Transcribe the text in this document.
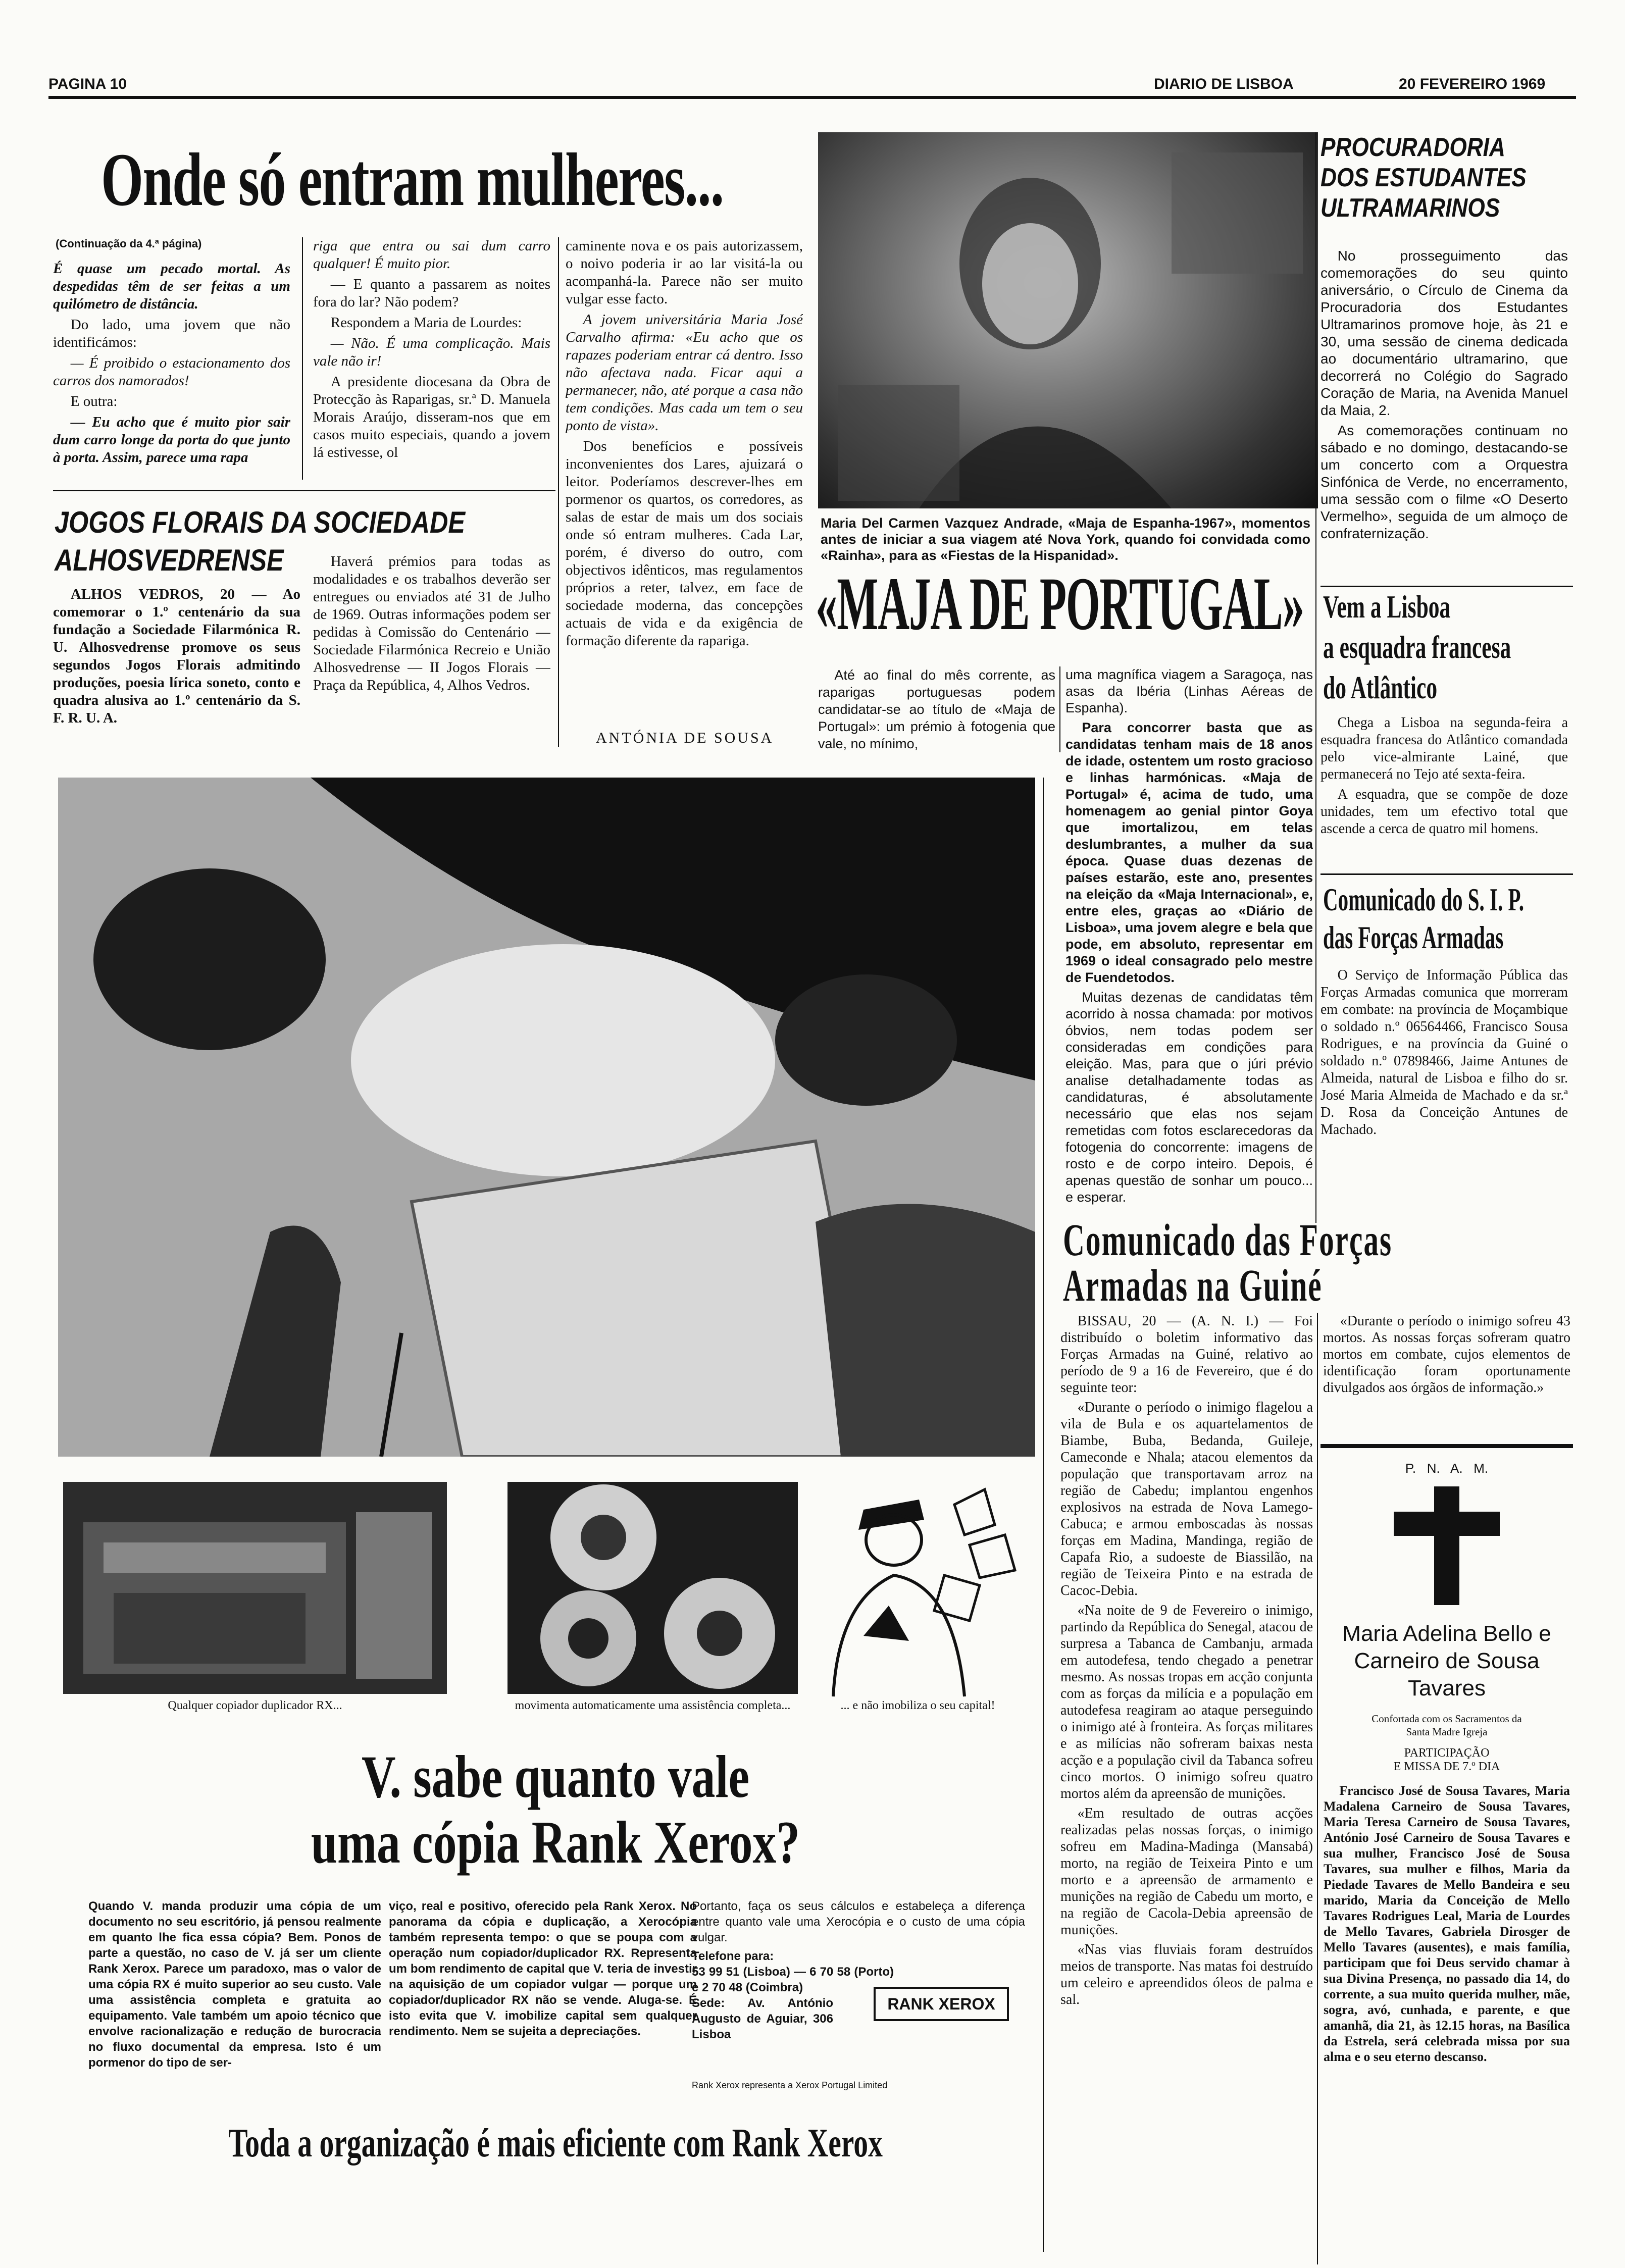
PAGINA 10	DIARIO DE LISBOA	20 FEVEREIRO 1969
Onde só entram mulheres...
(Continuação da 4.ª página)

É quase um pecado mortal. As despedidas têm de ser feitas a um quilómetro de distância.

Do lado, uma jovem que não identificámos:

— É proibido o estacionamento dos carros dos namorados!

E outra:

— Eu acho que é muito pior sair dum carro longe da porta do que junto à porta. Assim, parece uma rapa

riga que entra ou sai dum carro qualquer! É muito pior.

— E quanto a passarem as noites fora do lar? Não podem?

Respondem a Maria de Lourdes:

— Não. É uma complicação. Mais vale não ir!

A presidente diocesana da Obra de Protecção às Raparigas, sr.ª D. Manuela Morais Araújo, disseram-nos que em casos muito especiais, quando a jovem lá estivesse, ol

caminente nova e os pais autorizassem, o noivo poderia ir ao lar visitá-la ou acompanhá-la. Parece não ser muito vulgar esse facto.

A jovem universitária Maria José Carvalho afirma: «Eu acho que os rapazes poderiam entrar cá dentro. Isso não afectava nada. Ficar aqui a permanecer, não, até porque a casa não tem condições. Mas cada um tem o seu ponto de vista».

Dos benefícios e possíveis inconvenientes dos Lares, ajuizará o leitor. Poderíamos descrever-lhes em pormenor os quartos, os corredores, as salas de estar de mais um dos sociais onde só entram mulheres. Cada Lar, porém, é diverso do outro, com objectivos idênticos, mas regulamentos próprios a reter, talvez, em face de sociedade moderna, das concepções actuais de vida e da exigência de formação diferente da rapariga.

ANTÓNIA DE SOUSA
JOGOS FLORAIS DA SOCIEDADE
ALHOSVEDRENSE

ALHOS VEDROS, 20 — Ao comemorar o 1.º centenário da sua fundação a Sociedade Filarmónica R. U. Alhosvedrense promove os seus segundos Jogos Florais admitindo produções, poesia lírica soneto, conto e quadra alusiva ao 1.º centenário da S. F. R. U. A.

Haverá prémios para todas as modalidades e os trabalhos deverão ser entregues ou enviados até 31 de Julho de 1969. Outras informações podem ser pedidas à Comissão do Centenário — Sociedade Filarmónica Recreio e União Alhosvedrense — II Jogos Florais — Praça da República, 4, Alhos Vedros.

Maria Del Carmen Vazquez Andrade, «Maja de Espanha-1967», momentos antes de iniciar a sua viagem até Nova York, quando foi convidada como «Rainha», para as «Fiestas de la Hispanidad».
«MAJA DE PORTUGAL»

Até ao final do mês corrente, as raparigas portuguesas podem candidatar-se ao título de «Maja de Portugal»: um prémio à fotogenia que vale, no mínimo,

uma magnífica viagem a Saragoça, nas asas da Ibéria (Linhas Aéreas de Espanha).

Para concorrer basta que as candidatas tenham mais de 18 anos de idade, ostentem um rosto gracioso e linhas harmónicas. «Maja de Portugal» é, acima de tudo, uma homenagem ao genial pintor Goya que imortalizou, em telas deslumbrantes, a mulher da sua época. Quase duas dezenas de países estarão, este ano, presentes na eleição da «Maja Internacional», e, entre eles, graças ao «Diário de Lisboa», uma jovem alegre e bela que pode, em absoluto, representar em 1969 o ideal consagrado pelo mestre de Fuendetodos.

Muitas dezenas de candidatas têm acorrido à nossa chamada: por motivos óbvios, nem todas podem ser consideradas em condições para eleição. Mas, para que o júri prévio analise detalhadamente todas as candidaturas, é absolutamente necessário que elas nos sejam remetidas com fotos esclarecedoras da fotogenia do concorrente: imagens de rosto e de corpo inteiro. Depois, é apenas questão de sonhar um pouco... e esperar.

PROCURADORIA
DOS ESTUDANTES
ULTRAMARINOS

No prosseguimento das comemorações do seu quinto aniversário, o Círculo de Cinema da Procuradoria dos Estudantes Ultramarinos promove hoje, às 21 e 30, uma sessão de cinema dedicada ao documentário ultramarino, que decorrerá no Colégio do Sagrado Coração de Maria, na Avenida Manuel da Maia, 2.

As comemorações continuam no sábado e no domingo, destacando-se um concerto com a Orquestra Sinfónica de Verde, no encerramento, uma sessão com o filme «O Deserto Vermelho», seguida de um almoço de confraternização.

Vem a Lisboa
a esquadra francesa
do Atlântico

Chega a Lisboa na segunda-feira a esquadra francesa do Atlântico comandada pelo vice-almirante Lainé, que permanecerá no Tejo até sexta-feira.

A esquadra, que se compõe de doze unidades, tem um efectivo total que ascende a cerca de quatro mil homens.

Comunicado do S. I. P.
das Forças Armadas

O Serviço de Informação Pública das Forças Armadas comunica que morreram em combate: na província de Moçambique o soldado n.º 06564466, Francisco Sousa Rodrigues, e na província da Guiné o soldado n.º 07898466, Jaime Antunes de Almeida, natural de Lisboa e filho do sr. José Maria Almeida de Machado e da sr.ª D. Rosa da Conceição Antunes de Machado.

Qualquer copiador duplicador RX...	movimenta automaticamente uma assistência completa...	... e não imobiliza o seu capital!
V. sabe quanto vale
uma cópia Rank Xerox?

Quando V. manda produzir uma cópia de um documento no seu escritório, já pensou realmente em quanto lhe fica essa cópia? Bem. Ponos de parte a questão, no caso de V. já ser um cliente Rank Xerox. Parece um paradoxo, mas o valor de uma cópia RX é muito superior ao seu custo. Vale uma assistência completa e gratuita ao equipamento. Vale também um apoio técnico que envolve racionalização e redução de burocracia no fluxo documental da empresa. Isto é um pormenor do tipo de ser-

viço, real e positivo, oferecido pela Rank Xerox. No panorama da cópia e duplicação, a Xerocópia também representa tempo: o que se poupa com a operação num copiador/duplicador RX. Representa um bom rendimento de capital que V. teria de investir na aquisição de um copiador vulgar — porque um copiador/duplicador RX não se vende. Aluga-se. É isto evita que V. imobilize capital sem qualquer rendimento. Nem se sujeita a depreciações.

Portanto, faça os seus cálculos e estabeleça a diferença entre quanto vale uma Xerocópia e o custo de uma cópia vulgar.

Telefone para:
53 99 51 (Lisboa) — 6 70 58 (Porto) e 2 70 48 (Coimbra)
Sede: Av. António Augusto de Aguiar, 306 Lisboa
RANK XEROX
Rank Xerox representa a Xerox Portugal Limited
Toda a organização é mais eficiente com Rank Xerox
Comunicado das Forças
Armadas na Guiné

BISSAU, 20 — (A. N. I.) — Foi distribuído o boletim informativo das Forças Armadas na Guiné, relativo ao período de 9 a 16 de Fevereiro, que é do seguinte teor:

«Durante o período o inimigo flagelou a vila de Bula e os aquartelamentos de Biambe, Buba, Bedanda, Guileje, Cameconde e Nhala; atacou elementos da população que transportavam arroz na região de Cabedu; implantou engenhos explosivos na estrada de Nova Lamego-Cabuca; e armou emboscadas às nossas forças em Madina, Mandinga, região de Capafa Rio, a sudoeste de Biassilão, na região de Teixeira Pinto e na estrada de Cacoc-Debia.

«Na noite de 9 de Fevereiro o inimigo, partindo da República do Senegal, atacou de surpresa a Tabanca de Cambanju, armada em autodefesa, tendo chegado a penetrar mesmo. As nossas tropas em acção conjunta com as forças da milícia e a população em autodefesa reagiram ao ataque perseguindo o inimigo até à fronteira. As forças militares e as milícias não sofreram baixas nesta acção e a população civil da Tabanca sofreu cinco mortos. O inimigo sofreu quatro mortos além da apreensão de munições.

«Em resultado de outras acções realizadas pelas nossas forças, o inimigo sofreu em Madina-Madinga (Mansabá) morto, na região de Teixeira Pinto e um morto e a apreensão de armamento e munições na região de Cabedu um morto, e na região de Cacola-Debia apreensão de munições.

«Nas vias fluviais foram destruídos meios de transporte. Nas matas foi destruído um celeiro e apreendidos óleos de palma e sal.

«Durante o período o inimigo sofreu 43 mortos. As nossas forças sofreram quatro mortos em combate, cujos elementos de identificação foram oportunamente divulgados aos órgãos de informação.»

P.   N.   A.   M.
Maria Adelina Bello e Carneiro de Sousa Tavares
Confortada com os Sacramentos da Santa Madre Igreja
PARTICIPAÇÃO
E MISSA DE 7.º DIA
Francisco José de Sousa Tavares, Maria Madalena Carneiro de Sousa Tavares, Maria Teresa Carneiro de Sousa Tavares, António José Carneiro de Sousa Tavares e sua mulher, Francisco José de Sousa Tavares, sua mulher e filhos, Maria da Piedade Tavares de Mello Bandeira e seu marido, Maria da Conceição de Mello Tavares Rodrigues Leal, Maria de Lourdes de Mello Tavares, Gabriela Dirosger de Mello Tavares (ausentes), e mais família, participam que foi Deus servido chamar à sua Divina Presença, no passado dia 14, do corrente, a sua muito querida mulher, mãe, sogra, avó, cunhada, e parente, e que amanhã, dia 21, às 12.15 horas, na Basílica da Estrela, será celebrada missa por sua alma e o seu eterno descanso.
